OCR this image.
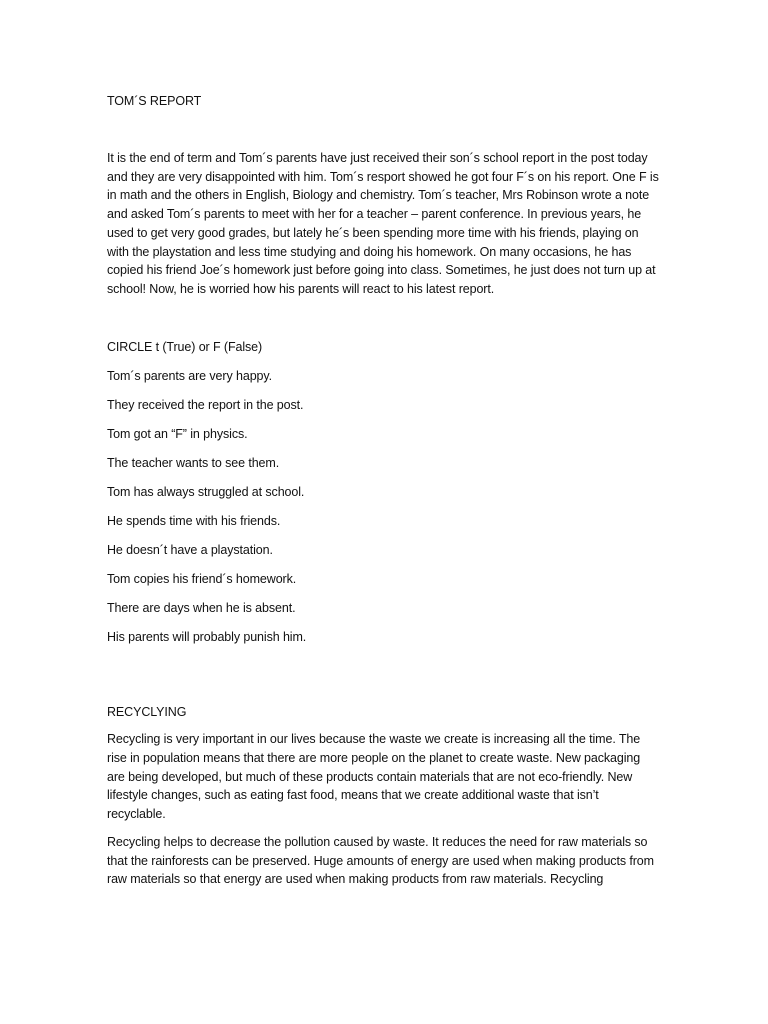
TOM´S REPORT

It is the end of term and Tom´s parents have just received their son´s school report in the post today and they are very disappointed with him. Tom´s resport showed he got four F´s on his report. One F is in math and the others in English, Biology and chemistry. Tom´s teacher, Mrs Robinson wrote a note and asked Tom´s parents to meet with her for a teacher – parent conference. In previous years, he used to get very good grades, but lately he´s been spending more time with his friends, playing on with the playstation and less time studying and doing his homework. On many occasions, he has copied his friend Joe´s homework just before going into class. Sometimes, he just does not turn up at school! Now, he is worried how his parents will react to his latest report.

CIRCLE t (True) or F (False)

Tom´s parents are very happy.
They received the report in the post.
Tom got an “F” in physics.
The teacher wants to see them.
Tom has always struggled at school.
He spends time with his friends.
He doesn´t have a playstation.
Tom copies his friend´s homework.
There are days when he is absent.
His parents will probably punish him.
RECYCLYING

Recycling is very important in our lives because the waste we create is increasing all the time. The rise in population means that there are more people on the planet to create waste. New packaging are being developed, but much of these products contain materials that are not eco-friendly. New lifestyle changes, such as eating fast food, means that we create additional waste that isn’t recyclable.

Recycling helps to decrease the pollution caused by waste. It reduces the need for raw materials so that the rainforests can be preserved. Huge amounts of energy are used when making products from raw materials so that energy are used when making products from raw materials. Recycling
